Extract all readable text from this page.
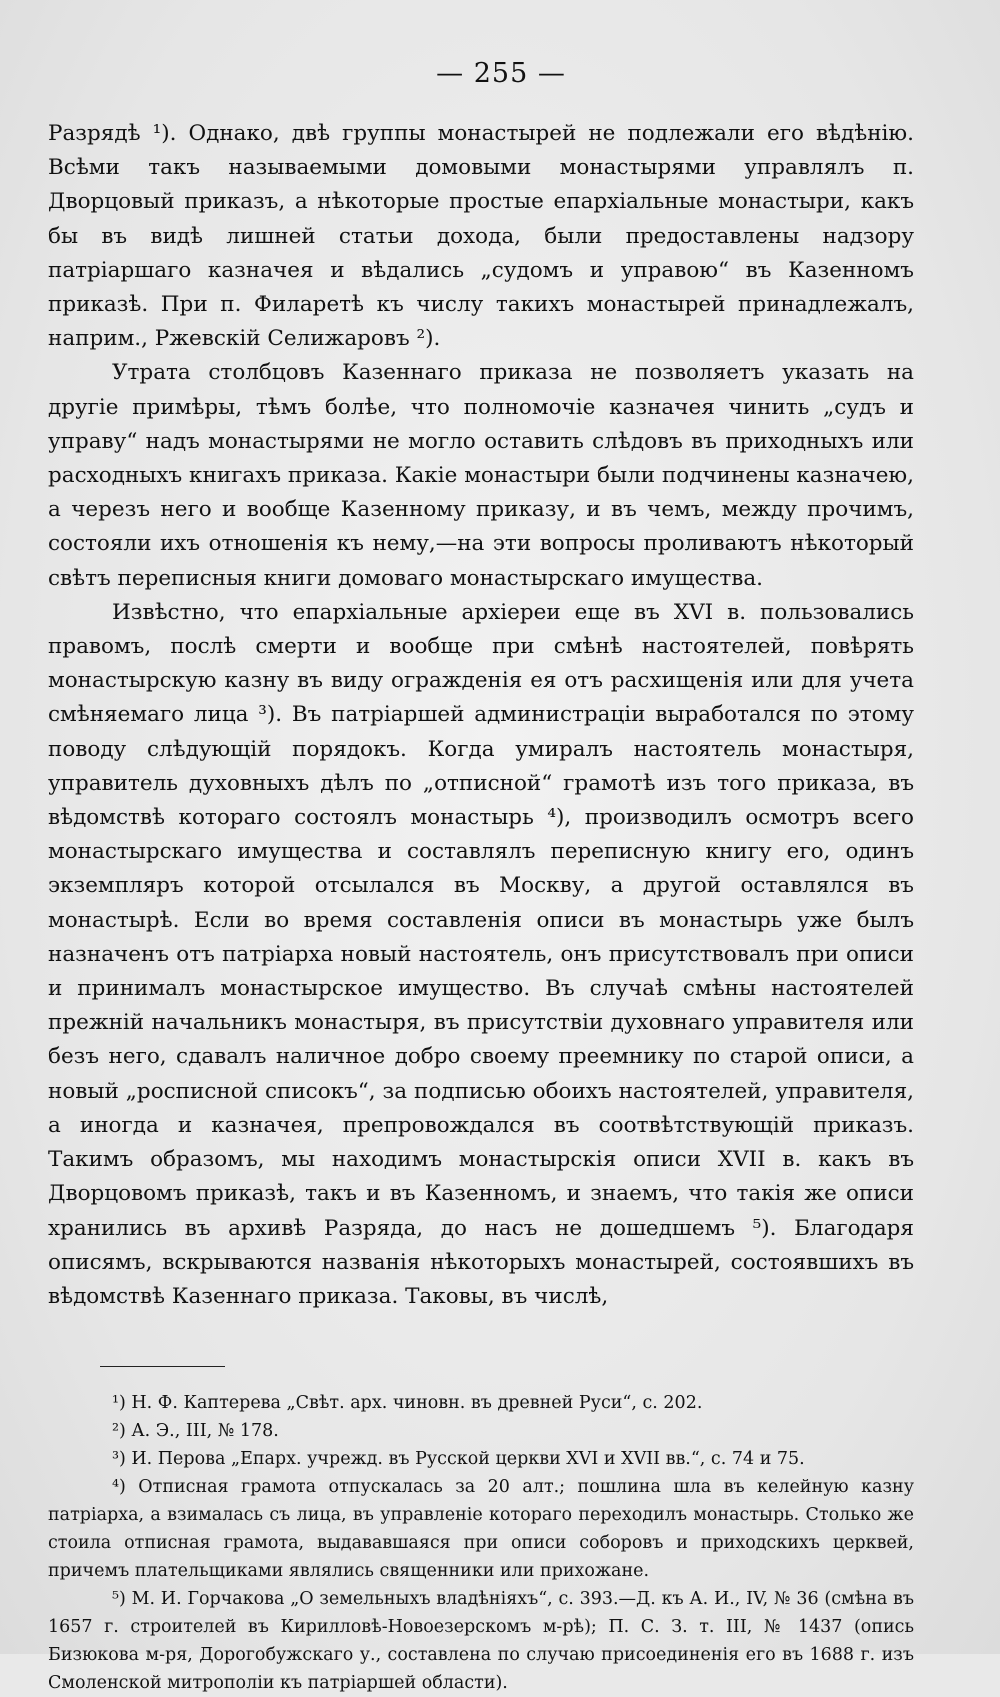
— 255 —

Разрядѣ ¹). Однако, двѣ группы монастырей не подлежали его вѣдѣнію. Всѣми такъ называемыми домовыми монастырями управлялъ п. Дворцовый приказъ, а нѣкоторые простые епархіальные монастыри, какъ бы въ видѣ лишней статьи дохода, были предоставлены надзору патріаршаго казначея и вѣдались „судомъ и управою“ въ Казенномъ приказѣ. При п. Филаретѣ къ числу такихъ монастырей принадлежалъ, наприм., Ржевскій Селижаровъ ²).

Утрата столбцовъ Казеннаго приказа не позволяетъ указать на другіе примѣры, тѣмъ болѣе, что полномочіе казначея чинить „судъ и управу“ надъ монастырями не могло оставить слѣдовъ въ приходныхъ или расходныхъ книгахъ приказа. Какіе монастыри были подчинены казначею, а черезъ него и вообще Казенному приказу, и въ чемъ, между прочимъ, состояли ихъ отношенія къ нему,—на эти вопросы проливаютъ нѣкоторый свѣтъ переписныя книги домоваго монастырскаго имущества.

Извѣстно, что епархіальные архіереи еще въ XVI в. пользовались правомъ, послѣ смерти и вообще при смѣнѣ настоятелей, повѣрять монастырскую казну въ виду огражденія ея отъ расхищенія или для учета смѣняемаго лица ³). Въ патріаршей администраціи выработался по этому поводу слѣдующій порядокъ. Когда умиралъ настоятель монастыря, управитель духовныхъ дѣлъ по „отписной“ грамотѣ изъ того приказа, въ вѣдомствѣ котораго состоялъ монастырь ⁴), производилъ осмотръ всего монастырскаго имущества и составлялъ переписную книгу его, одинъ экземпляръ которой отсылался въ Москву, а другой оставлялся въ монастырѣ. Если во время составленія описи въ монастырь уже былъ назначенъ отъ патріарха новый настоятель, онъ присутствовалъ при описи и принималъ монастырское имущество. Въ случаѣ смѣны настоятелей прежній начальникъ монастыря, въ присутствіи духовнаго управителя или безъ него, сдавалъ наличное добро своему преемнику по старой описи, а новый „росписной списокъ“, за подписью обоихъ настоятелей, управителя, а иногда и казначея, препровождался въ соотвѣтствующій приказъ. Такимъ образомъ, мы находимъ монастырскія описи XVII в. какъ въ Дворцовомъ приказѣ, такъ и въ Казенномъ, и знаемъ, что такія же описи хранились въ архивѣ Разряда, до насъ не дошедшемъ ⁵). Благодаря описямъ, вскрываются названія нѣкоторыхъ монастырей, состоявшихъ въ вѣдомствѣ Казеннаго приказа. Таковы, въ числѣ,

¹) Н. Ф. Каптерева „Свѣт. арх. чиновн. въ древней Руси“, с. 202.

²) А. Э., III, № 178.

³) И. Перова „Епарх. учрежд. въ Русской церкви XVI и XVII вв.“, с. 74 и 75.

⁴) Отписная грамота отпускалась за 20 алт.; пошлина шла въ келейную казну патріарха, а взималась съ лица, въ управленіе котораго переходилъ монастырь. Столько же стоила отписная грамота, выдававшаяся при описи соборовъ и приходскихъ церквей, причемъ плательщиками являлись священники или прихожане.

⁵) М. И. Горчакова „О земельныхъ владѣніяхъ“, с. 393.—Д. къ А. И., IV, № 36 (смѣна въ 1657 г. строителей въ Кирилловѣ-Новоезерскомъ м-рѣ); П. С. З. т. III, № 1437 (опись Бизюкова м-ря, Дорогобужскаго у., составлена по случаю присоединенія его въ 1688 г. изъ Смоленской митрополіи къ патріаршей области).
